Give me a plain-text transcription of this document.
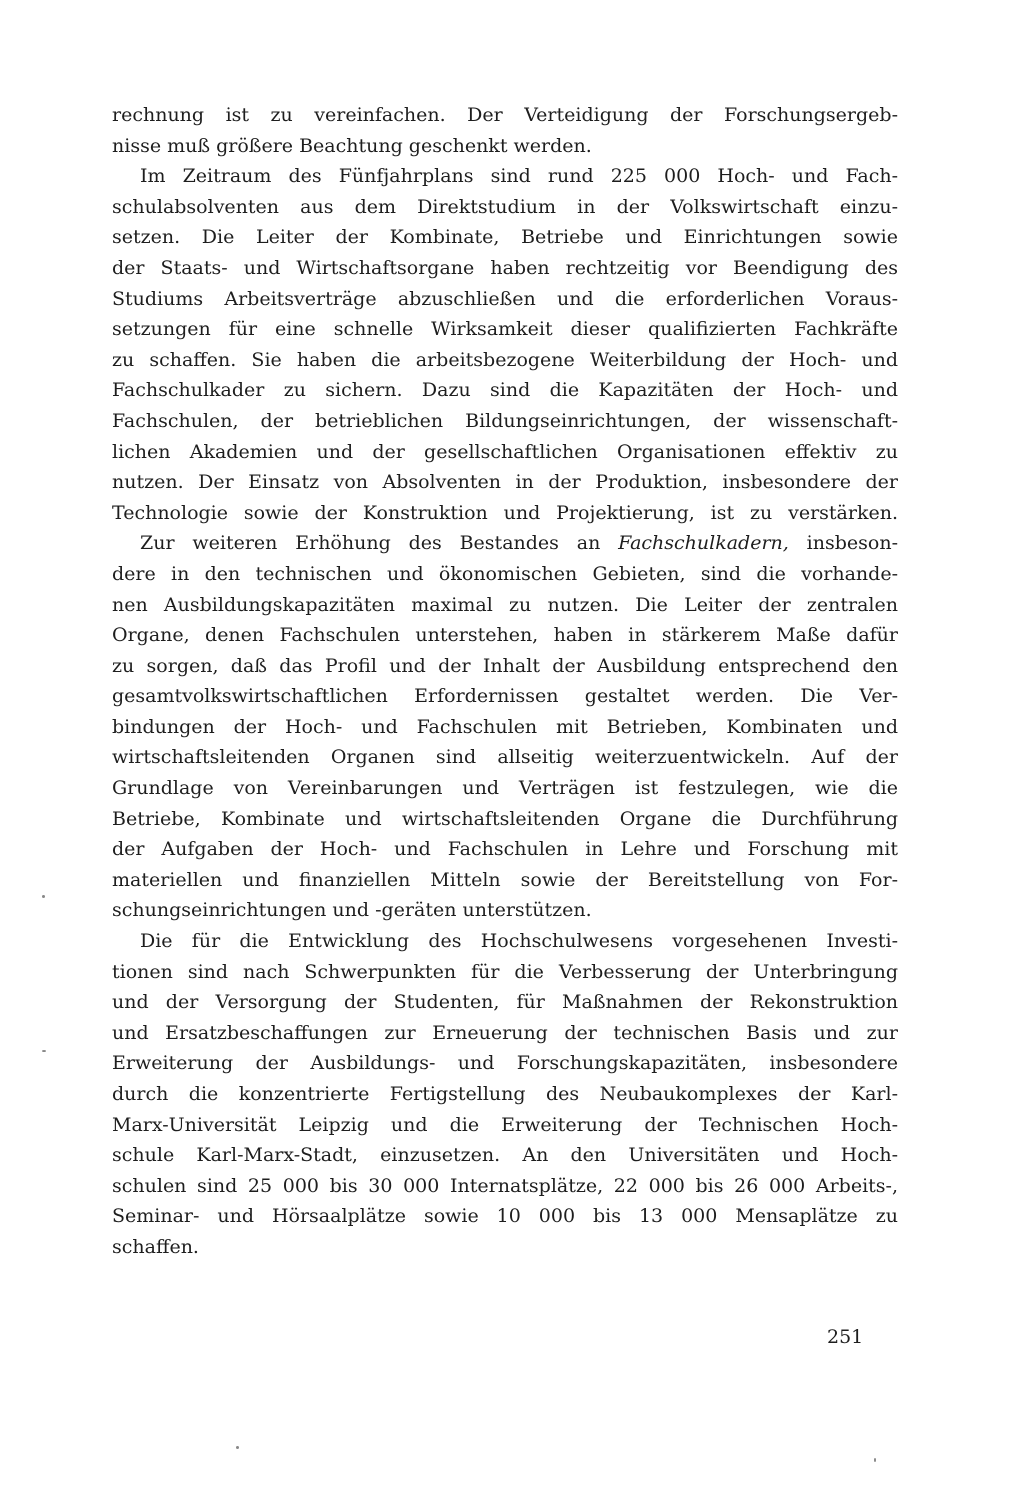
rechnung ist zu vereinfachen. Der Verteidigung der Forschungsergeb-
nisse muß größere Beachtung geschenkt werden.

Im Zeitraum des Fünfjahrplans sind rund 225 000 Hoch- und Fach-
schulabsolventen aus dem Direktstudium in der Volkswirtschaft einzu-
setzen. Die Leiter der Kombinate, Betriebe und Einrichtungen sowie
der Staats- und Wirtschaftsorgane haben rechtzeitig vor Beendigung des
Studiums Arbeitsverträge abzuschließen und die erforderlichen Voraus-
setzungen für eine schnelle Wirksamkeit dieser qualifizierten Fachkräfte
zu schaffen. Sie haben die arbeitsbezogene Weiterbildung der Hoch- und
Fachschulkader zu sichern. Dazu sind die Kapazitäten der Hoch- und
Fachschulen, der betrieblichen Bildungseinrichtungen, der wissenschaft-
lichen Akademien und der gesellschaftlichen Organisationen effektiv zu
nutzen. Der Einsatz von Absolventen in der Produktion, insbesondere der
Technologie sowie der Konstruktion und Projektierung, ist zu verstärken.

Zur weiteren Erhöhung des Bestandes an Fachschulkadern, insbeson-
dere in den technischen und ökonomischen Gebieten, sind die vorhande-
nen Ausbildungskapazitäten maximal zu nutzen. Die Leiter der zentralen
Organe, denen Fachschulen unterstehen, haben in stärkerem Maße dafür
zu sorgen, daß das Profil und der Inhalt der Ausbildung entsprechend den
gesamtvolkswirtschaftlichen Erfordernissen gestaltet werden. Die Ver-
bindungen der Hoch- und Fachschulen mit Betrieben, Kombinaten und
wirtschaftsleitenden Organen sind allseitig weiterzuentwickeln. Auf der
Grundlage von Vereinbarungen und Verträgen ist festzulegen, wie die
Betriebe, Kombinate und wirtschaftsleitenden Organe die Durchführung
der Aufgaben der Hoch- und Fachschulen in Lehre und Forschung mit
materiellen und finanziellen Mitteln sowie der Bereitstellung von For-
schungseinrichtungen und -geräten unterstützen.

Die für die Entwicklung des Hochschulwesens vorgesehenen Investi-
tionen sind nach Schwerpunkten für die Verbesserung der Unterbringung
und der Versorgung der Studenten, für Maßnahmen der Rekonstruktion
und Ersatzbeschaffungen zur Erneuerung der technischen Basis und zur
Erweiterung der Ausbildungs- und Forschungskapazitäten, insbesondere
durch die konzentrierte Fertigstellung des Neubaukomplexes der Karl-
Marx-Universität Leipzig und die Erweiterung der Technischen Hoch-
schule Karl-Marx-Stadt, einzusetzen. An den Universitäten und Hoch-
schulen sind 25 000 bis 30 000 Internatsplätze, 22 000 bis 26 000 Arbeits-,
Seminar- und Hörsaalplätze sowie 10 000 bis 13 000 Mensaplätze zu
schaffen.

251
